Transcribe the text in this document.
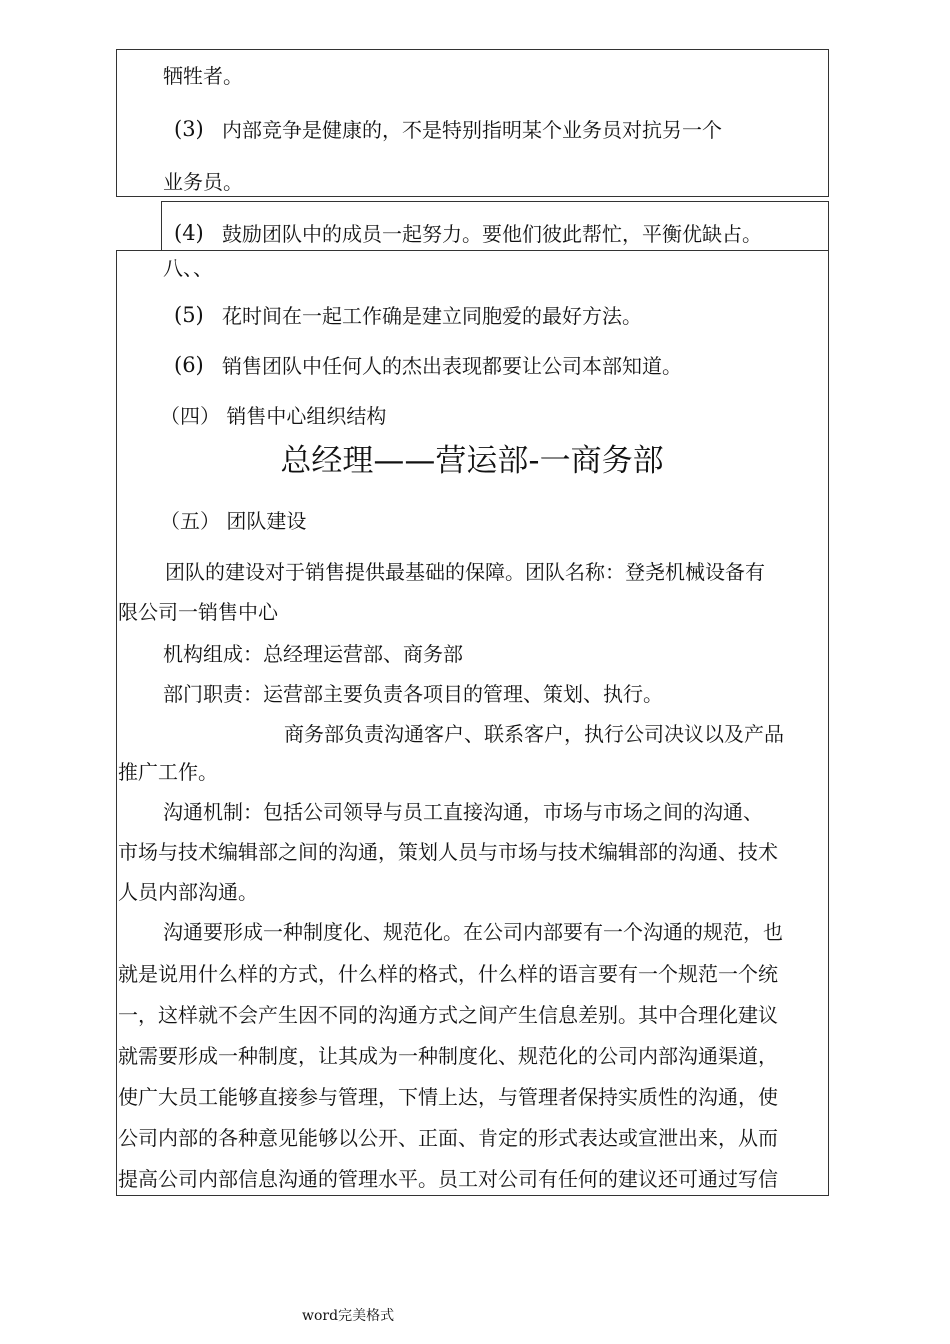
牺牲者。
(3) 内部竞争是健康的，不是特别指明某个业务员对抗另一个
业务员。
(4) 鼓励团队中的成员一起努力。要他们彼此帮忙，平衡优缺占。
八、、
(5) 花时间在一起工作确是建立同胞爱的最好方法。
(6) 销售团队中任何人的杰出表现都要让公司本部知道。
（四） 销售中心组织结构
总经理——营运部-一商务部
（五） 团队建设
团队的建设对于销售提供最基础的保障。团队名称：登尧机械设备有
限公司一销售中心
机构组成：总经理运营部、商务部
部门职责：运营部主要负责各项目的管理、策划、执行。
商务部负责沟通客户、联系客户，执行公司决议以及产品
推广工作。
沟通机制：包括公司领导与员工直接沟通，市场与市场之间的沟通、
市场与技术编辑部之间的沟通，策划人员与市场与技术编辑部的沟通、技术
人员内部沟通。
沟通要形成一种制度化、规范化。在公司内部要有一个沟通的规范，也
就是说用什么样的方式，什么样的格式，什么样的语言要有一个规范一个统
一，这样就不会产生因不同的沟通方式之间产生信息差别。其中合理化建议
就需要形成一种制度，让其成为一种制度化、规范化的公司内部沟通渠道，
使广大员工能够直接参与管理，下情上达，与管理者保持实质性的沟通，使
公司内部的各种意见能够以公开、正面、肯定的形式表达或宣泄出来，从而
提高公司内部信息沟通的管理水平。员工对公司有任何的建议还可通过写信
word完美格式
